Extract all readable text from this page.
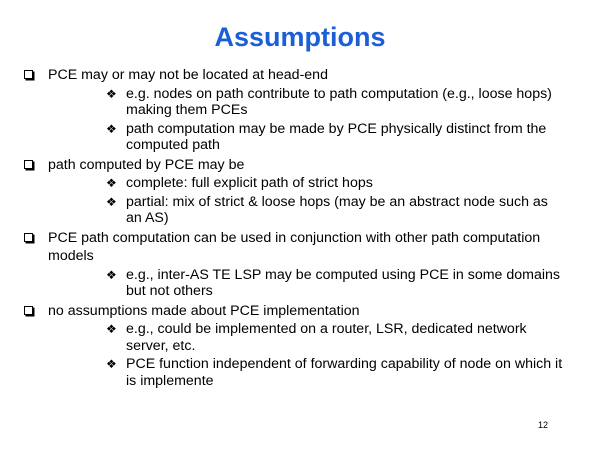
Assumptions
PCE may or may not be located at head-end
❖ e.g. nodes on path contribute to path computation (e.g., loose hops) making them PCEs
❖ path computation may be made by PCE physically distinct from the computed path
path computed by PCE may be
❖ complete: full explicit path of strict hops
❖ partial: mix of strict & loose hops (may be an abstract node such as an AS)
PCE path computation can be used in conjunction with other path computation models
❖ e.g., inter-AS TE LSP may be computed using PCE in some domains but not others
no assumptions made about PCE implementation
❖ e.g., could be implemented on a router, LSR, dedicated network server, etc.
❖ PCE function independent of forwarding capability of node on which it is implemente
12
